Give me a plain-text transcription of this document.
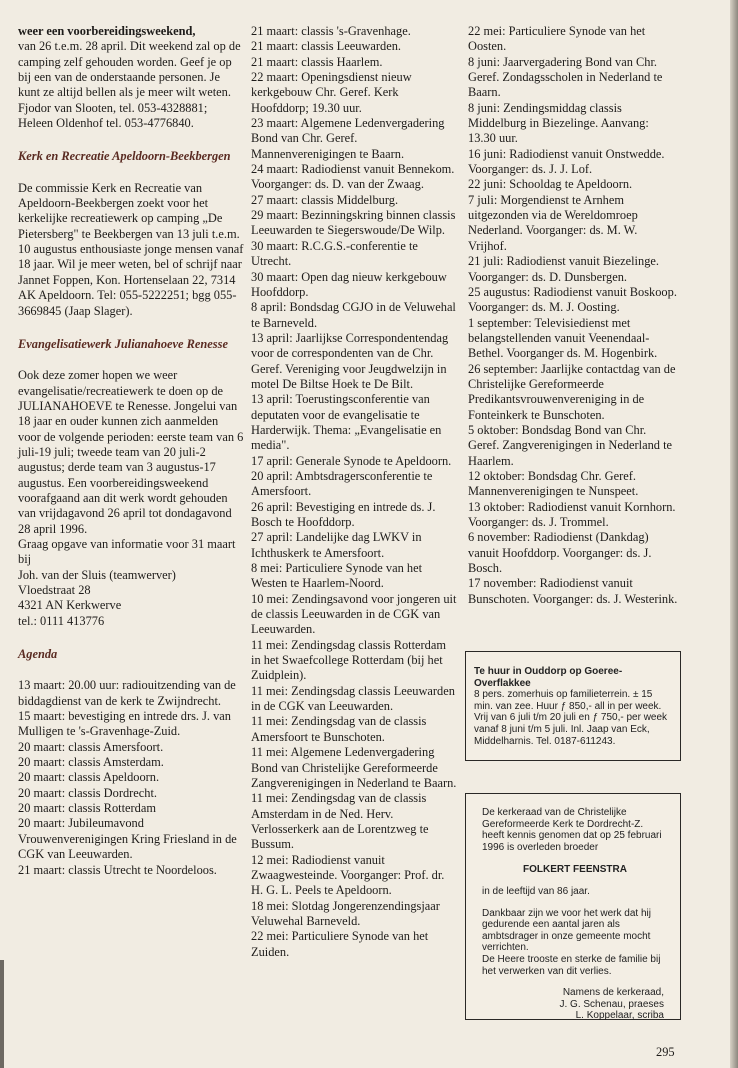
weer een voorbereidingsweekend,
van 26 t.e.m. 28 april. Dit weekend zal op de camping zelf gehouden worden. Geef je op bij een van de onderstaande personen. Je kunt ze altijd bellen als je meer wilt weten.

Fjodor van Slooten, tel. 053-4328881; Heleen Oldenhof tel. 053-4776840.

Kerk en Recreatie Apeldoorn-Beekbergen

De commissie Kerk en Recreatie van Apeldoorn-Beekbergen zoekt voor het kerkelijke recreatiewerk op camping „De Pietersberg" te Beekbergen van 13 juli t.e.m. 10 augustus enthousiaste jonge mensen vanaf 18 jaar. Wil je meer weten, bel of schrijf naar Jannet Foppen, Kon. Hortenselaan 22, 7314 AK Apeldoorn. Tel: 055-5222251; bgg 055-3669845 (Jaap Slager).

Evangelisatiewerk Julianahoeve Renesse

Ook deze zomer hopen we weer evangelisatie/recreatiewerk te doen op de JULIANAHOEVE te Renesse. Jongelui van 18 jaar en ouder kunnen zich aanmelden voor de volgende perioden: eerste team van 6 juli-19 juli; tweede team van 20 juli-2 augustus; derde team van 3 augustus-17 augustus. Een voorbereidingsweekend voorafgaand aan dit werk wordt gehouden van vrijdagavond 26 april tot dondagavond 28 april 1996.

Graag opgave van informatie voor 31 maart bij

Joh. van der Sluis (teamwerver)

Vloedstraat 28

4321 AN Kerkwerve

tel.: 0111 413776

Agenda

13 maart: 20.00 uur: radiouitzending van de biddagdienst van de kerk te Zwijndrecht.

15 maart: bevestiging en intrede drs. J. van Mulligen te 's-Gravenhage-Zuid.

20 maart: classis Amersfoort.

20 maart: classis Amsterdam.

20 maart: classis Apeldoorn.

20 maart: classis Dordrecht.

20 maart: classis Rotterdam

20 maart: Jubileumavond Vrouwenverenigingen Kring Friesland in de CGK van Leeuwarden.

21 maart: classis Utrecht te Noordeloos.

21 maart: classis 's-Gravenhage.

21 maart: classis Leeuwarden.

21 maart: classis Haarlem.

22 maart: Openingsdienst nieuw kerkgebouw Chr. Geref. Kerk Hoofddorp; 19.30 uur.

23 maart: Algemene Ledenvergadering Bond van Chr. Geref. Mannenverenigingen te Baarn.

24 maart: Radiodienst vanuit Bennekom. Voorganger: ds. D. van der Zwaag.

27 maart: classis Middelburg.

29 maart: Bezinningskring binnen classis Leeuwarden te Siegerswoude/De Wilp.

30 maart: R.C.G.S.-conferentie te Utrecht.

30 maart: Open dag nieuw kerkgebouw Hoofddorp.

8 april: Bondsdag CGJO in de Veluwehal te Barneveld.

13 april: Jaarlijkse Correspondentendag voor de correspondenten van de Chr. Geref. Vereniging voor Jeugdwelzijn in motel De Biltse Hoek te De Bilt.

13 april: Toerustingsconferentie van deputaten voor de evangelisatie te Harderwijk. Thema: „Evangelisatie en media".

17 april: Generale Synode te Apeldoorn.

20 april: Ambtsdragersconferentie te Amersfoort.

26 april: Bevestiging en intrede ds. J. Bosch te Hoofddorp.

27 april: Landelijke dag LWKV in Ichthuskerk te Amersfoort.

8 mei: Particuliere Synode van het Westen te Haarlem-Noord.

10 mei: Zendingsavond voor jongeren uit de classis Leeuwarden in de CGK van Leeuwarden.

11 mei: Zendingsdag classis Rotterdam in het Swaefcollege Rotterdam (bij het Zuidplein).

11 mei: Zendingsdag classis Leeuwarden in de CGK van Leeuwarden.

11 mei: Zendingsdag van de classis Amersfoort te Bunschoten.

11 mei: Algemene Ledenvergadering Bond van Christelijke Gereformeerde Zangverenigingen in Nederland te Baarn.

11 mei: Zendingsdag van de classis Amsterdam in de Ned. Herv. Verlosserkerk aan de Lorentzweg te Bussum.

12 mei: Radiodienst vanuit Zwaagwesteinde. Voorganger: Prof. dr. H. G. L. Peels te Apeldoorn.

18 mei: Slotdag Jongerenzendingsjaar Veluwehal Barneveld.

22 mei: Particuliere Synode van het Zuiden.

22 mei: Particuliere Synode van het Oosten.

8 juni: Jaarvergadering Bond van Chr. Geref. Zondagsscholen in Nederland te Baarn.

8 juni: Zendingsmiddag classis Middelburg in Biezelinge. Aanvang: 13.30 uur.

16 juni: Radiodienst vanuit Onstwedde. Voorganger: ds. J. J. Lof.

22 juni: Schooldag te Apeldoorn.

7 juli: Morgendienst te Arnhem uitgezonden via de Wereldomroep Nederland. Voorganger: ds. M. W. Vrijhof.

21 juli: Radiodienst vanuit Biezelinge. Voorganger: ds. D. Dunsbergen.

25 augustus: Radiodienst vanuit Boskoop. Voorganger: ds. M. J. Oosting.

1 september: Televisiedienst met belangstellenden vanuit Veenendaal-Bethel. Voorganger ds. M. Hogenbirk.

26 september: Jaarlijke contactdag van de Christelijke Gereformeerde Predikantsvrouwenvereniging in de Fonteinkerk te Bunschoten.

5 oktober: Bondsdag Bond van Chr. Geref. Zangverenigingen in Nederland te Haarlem.

12 oktober: Bondsdag Chr. Geref. Mannenverenigingen te Nunspeet.

13 oktober: Radiodienst vanuit Kornhorn. Voorganger: ds. J. Trommel.

6 november: Radiodienst (Dankdag) vanuit Hoofddorp. Voorganger: ds. J. Bosch.

17 november: Radiodienst vanuit Bunschoten. Voorganger: ds. J. Westerink.

Te huur in Ouddorp op Goeree-Overflakkee
8 pers. zomerhuis op familieterrein. ± 15 min. van zee. Huur ƒ 850,- all in per week. Vrij van 6 juli t/m 20 juli en ƒ 750,- per week vanaf 8 juni t/m 5 juli. Inl. Jaap van Eck, Middelharnis. Tel. 0187-611243.

De kerkeraad van de Christelijke Gereformeerde Kerk te Dordrecht-Z. heeft kennis genomen dat op 25 februari 1996 is overleden broeder

FOLKERT FEENSTRA

in de leeftijd van 86 jaar.

Dankbaar zijn we voor het werk dat hij gedurende een aantal jaren als ambtsdrager in onze gemeente mocht verrichten.

De Heere trooste en sterke de familie bij het verwerken van dit verlies.

Namens de kerkeraad,
J. G. Schenau, praeses
L. Koppelaar, scriba
295
